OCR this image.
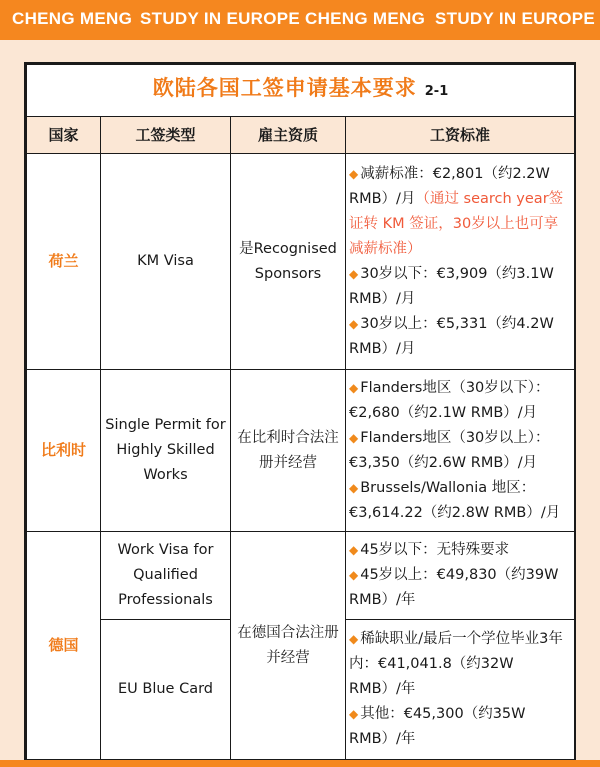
CHENG MENG STUDY IN EUROPE CHENG MENG STUDY IN EUROPE
欧陆各国工签申请基本要求 2-1			
国家	工签类型	雇主资质	工资标准
荷兰	KM Visa	是Recognised Sponsors	◆ 减薪标准：€2,801（约2.2W RMB）/月（通过 search year签证转 KM 签证，30岁以上也可享减薪标准）

◆ 30岁以下：€3,909（约3.1W RMB）/月

◆ 30岁以上：€5,331（约4.2W RMB）/月

比利时	Single Permit for Highly Skilled Works	在比利时合法注册并经营	◆ Flanders地区（30岁以下）：€2,680（约2.1W RMB）/月

◆ Flanders地区（30岁以上）：€3,350（约2.6W RMB）/月

◆ Brussels/Wallonia 地区：€3,614.22（约2.8W RMB）/月

德国	Work Visa for Qualified Professionals	在德国合法注册并经营	◆ 45岁以下：无特殊要求

◆ 45岁以上：€49,830（约39W RMB）/年

	EU Blue Card		◆ 稀缺职业/最后一个学位毕业3年内：€41,041.8（约32W RMB）/年

◆ 其他：€45,300（约35W RMB）/年
